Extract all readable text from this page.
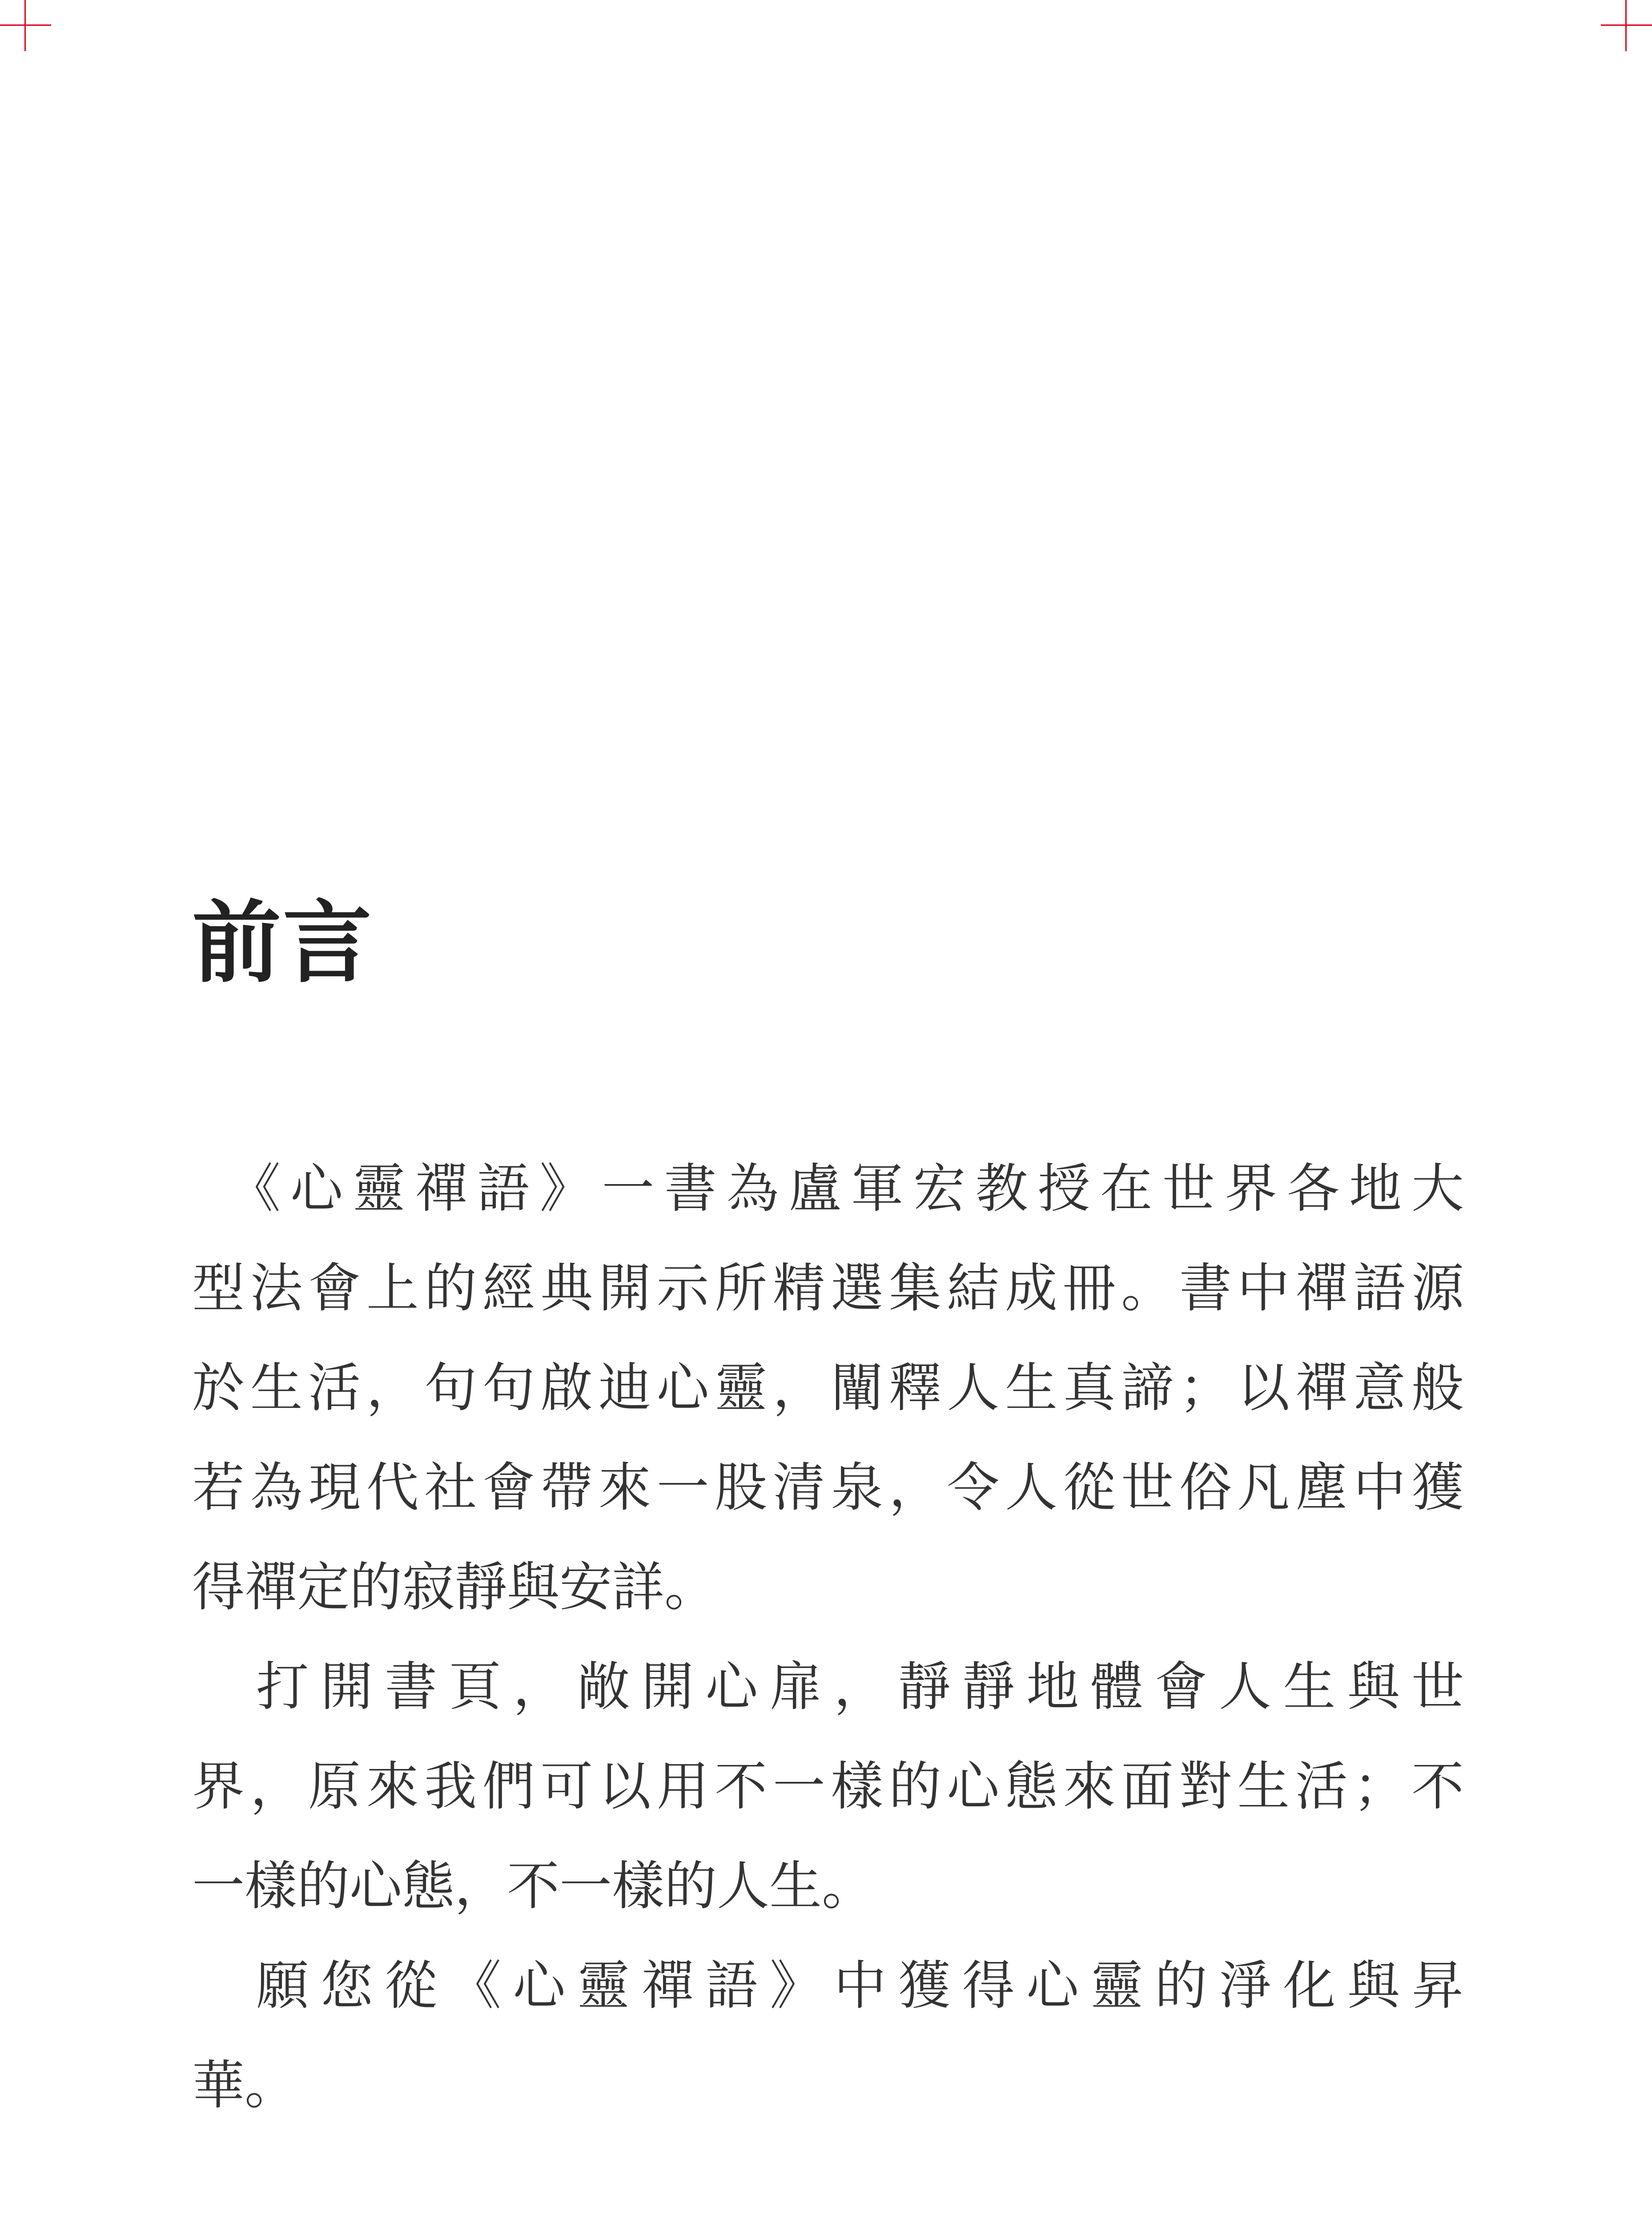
前言
　《心靈禪語》一書為盧軍宏教授在世界各地大
型法會上的經典開示所精選集結成冊。書中禪語源
於生活，句句啟迪心靈，闡釋人生真諦；以禪意般
若為現代社會帶來一股清泉，令人從世俗凡塵中獲
得禪定的寂靜與安詳。
　打開書頁，敞開心扉，靜靜地體會人生與世
界，原來我們可以用不一樣的心態來面對生活；不
一樣的心態，不一樣的人生。
　願您從《心靈禪語》中獲得心靈的淨化與昇
華。
